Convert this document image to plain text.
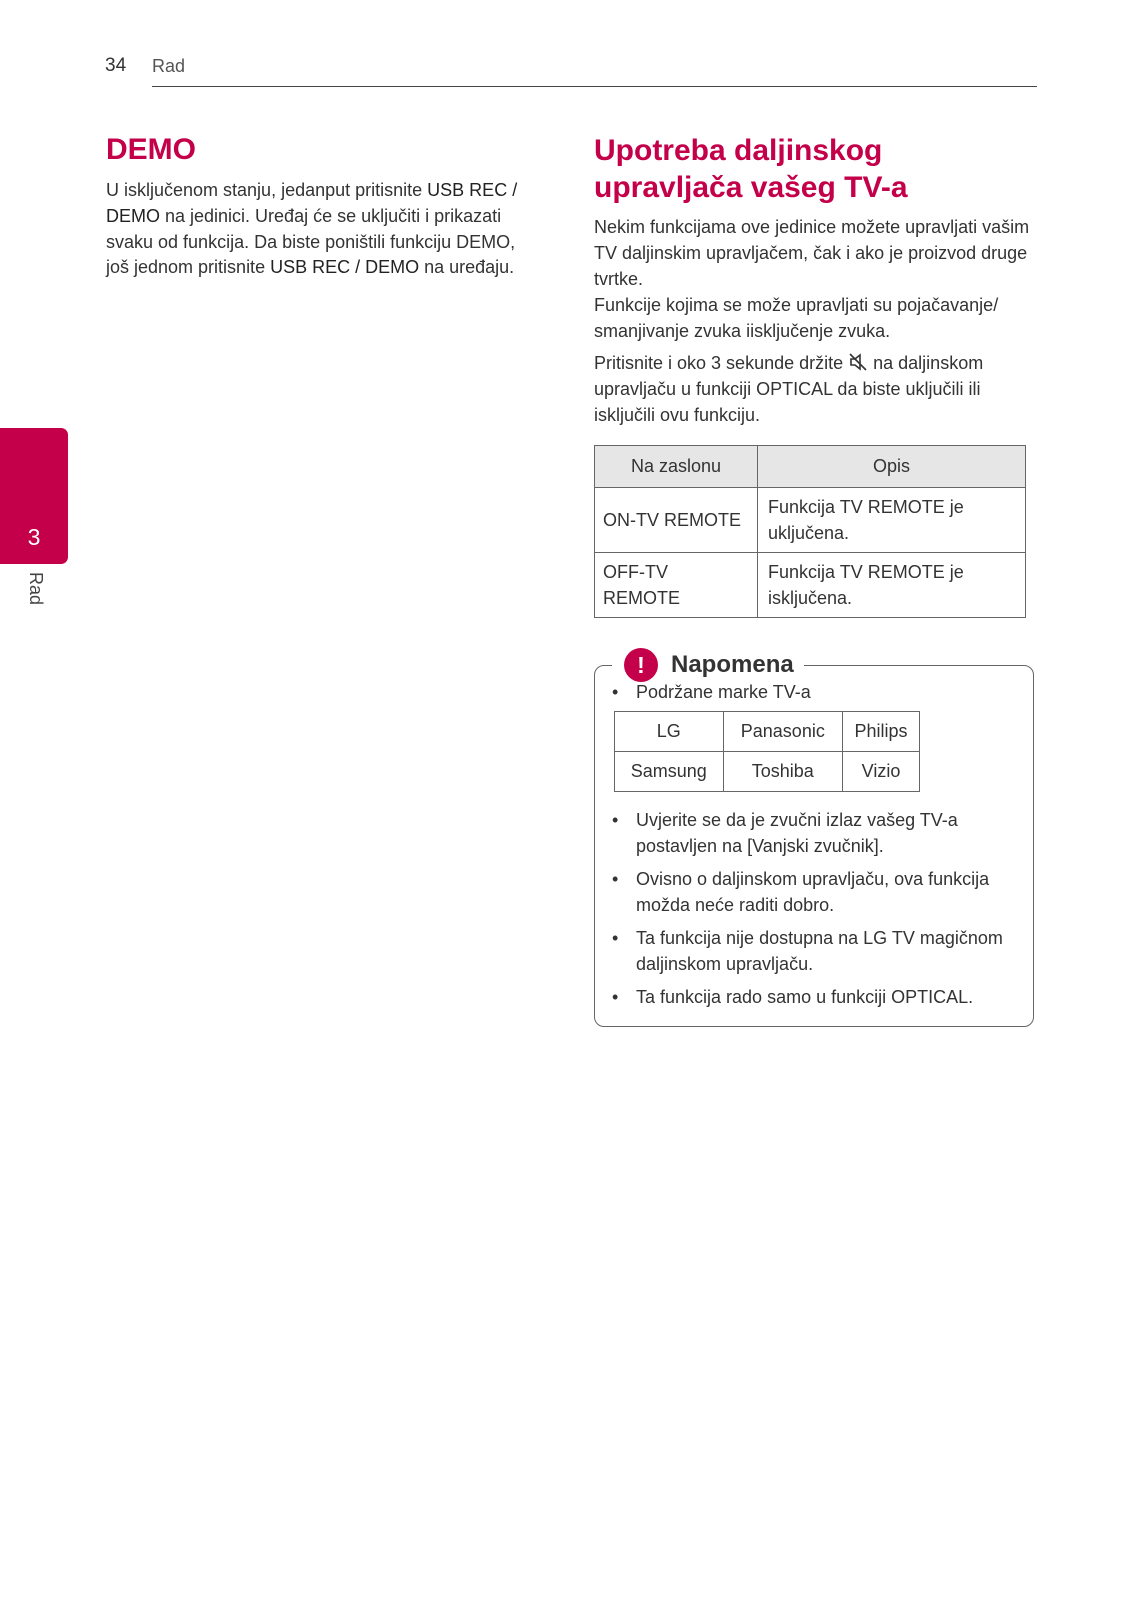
34 Rad
3
Rad
DEMO

U isključenom stanju, jedanput pritisnite USB REC / DEMO na jedinici. Uređaj će se uključiti i prikazati svaku od funkcija. Da biste poništili funkciju DEMO, još jednom pritisnite USB REC / DEMO na uređaju.

Upotreba daljinskog upravljača vašeg TV-a

Nekim funkcijama ove jedinice možete upravljati vašim TV daljinskim upravljačem, čak i ako je proizvod druge tvrtke.

Funkcije kojima se može upravljati su pojačavanje/ smanjivanje zvuka iisključenje zvuka.

Pritisnite i oko 3 sekunde držite  na daljinskom upravljaču u funkciji OPTICAL da biste uključili ili isključili ovu funkciju.

Na zaslonu	Opis
ON-TV REMOTE	Funkcija TV REMOTE je uključena.
OFF-TV REMOTE	Funkcija TV REMOTE je isključena.
!	Napomena
• Podržane marke TV-a
LG	Panasonic	Philips
Samsung	Toshiba	Vizio
• Uvjerite se da je zvučni izlaz vašeg TV-a postavljen na [Vanjski zvučnik].
• Ovisno o daljinskom upravljaču, ova funkcija možda neće raditi dobro.
• Ta funkcija nije dostupna na LG TV magičnom daljinskom upravljaču.
• Ta funkcija rado samo u funkciji OPTICAL.
